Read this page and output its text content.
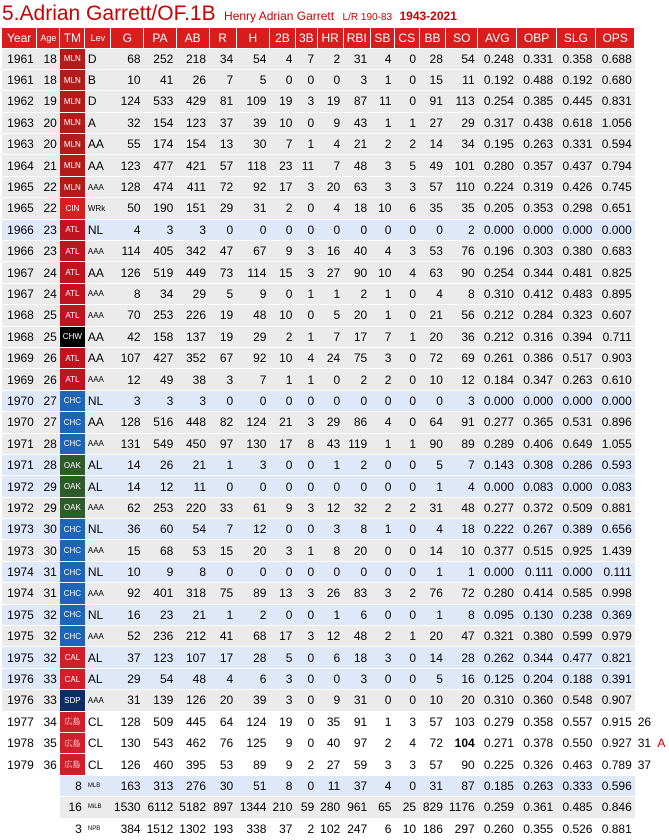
5.Adrian Garrett/OF.1B Henry Adrian Garrett L/R 190-83 1943-2021
Year	Age	TM	Lev	G	PA	AB	R	H	2B	3B	HR	RBI	SB	CS	BB	SO	AVG	OBP	SLG	OPS		
1961	18	MLN	D	68	252	218	34	54	4	7	2	31	4	0	28	54	0.248	0.331	0.358	0.688		
1961	18	MLN	B	10	41	26	7	5	0	0	0	3	1	0	15	11	0.192	0.488	0.192	0.680		
1962	19	MLN	D	124	533	429	81	109	19	3	19	87	11	0	91	113	0.254	0.385	0.445	0.831		
1963	20	MLN	A	32	154	123	37	39	10	0	9	43	1	1	27	29	0.317	0.438	0.618	1.056		
1963	20	MLN	AA	55	174	154	13	30	7	1	4	21	2	2	14	34	0.195	0.263	0.331	0.594		
1964	21	MLN	AA	123	477	421	57	118	23	11	7	48	3	5	49	101	0.280	0.357	0.437	0.794		
1965	22	MLN	AAA	128	474	411	72	92	17	3	20	63	3	3	57	110	0.224	0.319	0.426	0.745		
1965	22	CIN	WRk	50	190	151	29	31	2	0	4	18	10	6	35	35	0.205	0.353	0.298	0.651		
1966	23	ATL	NL	4	3	3	0	0	0	0	0	0	0	0	0	2	0.000	0.000	0.000	0.000		
1966	23	ATL	AAA	114	405	342	47	67	9	3	16	40	4	3	53	76	0.196	0.303	0.380	0.683		
1967	24	ATL	AA	126	519	449	73	114	15	3	27	90	10	4	63	90	0.254	0.344	0.481	0.825		
1967	24	ATL	AAA	8	34	29	5	9	0	1	1	2	1	0	4	8	0.310	0.412	0.483	0.895		
1968	25	ATL	AAA	70	253	226	19	48	10	0	5	20	1	0	21	56	0.212	0.284	0.323	0.607		
1968	25	CHW	AA	42	158	137	19	29	2	1	7	17	7	1	20	36	0.212	0.316	0.394	0.711		
1969	26	ATL	AA	107	427	352	67	92	10	4	24	75	3	0	72	69	0.261	0.386	0.517	0.903		
1969	26	ATL	AAA	12	49	38	3	7	1	1	0	2	2	0	10	12	0.184	0.347	0.263	0.610		
1970	27	CHC	NL	3	3	3	0	0	0	0	0	0	0	0	0	3	0.000	0.000	0.000	0.000		
1970	27	CHC	AA	128	516	448	82	124	21	3	29	86	4	0	64	91	0.277	0.365	0.531	0.896		
1971	28	CHC	AAA	131	549	450	97	130	17	8	43	119	1	1	90	89	0.289	0.406	0.649	1.055		
1971	28	OAK	AL	14	26	21	1	3	0	0	1	2	0	0	5	7	0.143	0.308	0.286	0.593		
1972	29	OAK	AL	14	12	11	0	0	0	0	0	0	0	0	1	4	0.000	0.083	0.000	0.083		
1972	29	OAK	AAA	62	253	220	33	61	9	3	12	32	2	2	31	48	0.277	0.372	0.509	0.881		
1973	30	CHC	NL	36	60	54	7	12	0	0	3	8	1	0	4	18	0.222	0.267	0.389	0.656		
1973	30	CHC	AAA	15	68	53	15	20	3	1	8	20	0	0	14	10	0.377	0.515	0.925	1.439		
1974	31	CHC	NL	10	9	8	0	0	0	0	0	0	0	0	1	1	0.000	0.111	0.000	0.111		
1974	31	CHC	AAA	92	401	318	75	89	13	3	26	83	3	2	76	72	0.280	0.414	0.585	0.998		
1975	32	CHC	NL	16	23	21	1	2	0	0	1	6	0	0	1	8	0.095	0.130	0.238	0.369		
1975	32	CHC	AAA	52	236	212	41	68	17	3	12	48	2	1	20	47	0.321	0.380	0.599	0.979		
1975	32	CAL	AL	37	123	107	17	28	5	0	6	18	3	0	14	28	0.262	0.344	0.477	0.821		
1976	33	CAL	AL	29	54	48	4	6	3	0	0	3	0	0	5	16	0.125	0.204	0.188	0.391		
1976	33	SDP	AAA	31	139	126	20	39	3	0	9	31	0	0	10	20	0.310	0.360	0.548	0.907		
1977	34	広島	CL	128	509	445	64	124	19	0	35	91	1	3	57	103	0.279	0.358	0.557	0.915	26	
1978	35	広島	CL	130	543	462	76	125	9	0	40	97	2	4	72	104	0.271	0.378	0.550	0.927	31	A
1979	36	広島	CL	126	460	395	53	89	9	2	27	59	3	3	57	90	0.225	0.326	0.463	0.789	37	
		8	MLB	163	313	276	30	51	8	0	11	37	4	0	31	87	0.185	0.263	0.333	0.596		
		16	MiLB	1530	6112	5182	897	1344	210	59	280	961	65	25	829	1176	0.259	0.361	0.485	0.846		
		3	NPB	384	1512	1302	193	338	37	2	102	247	6	10	186	297	0.260	0.355	0.526	0.881		
